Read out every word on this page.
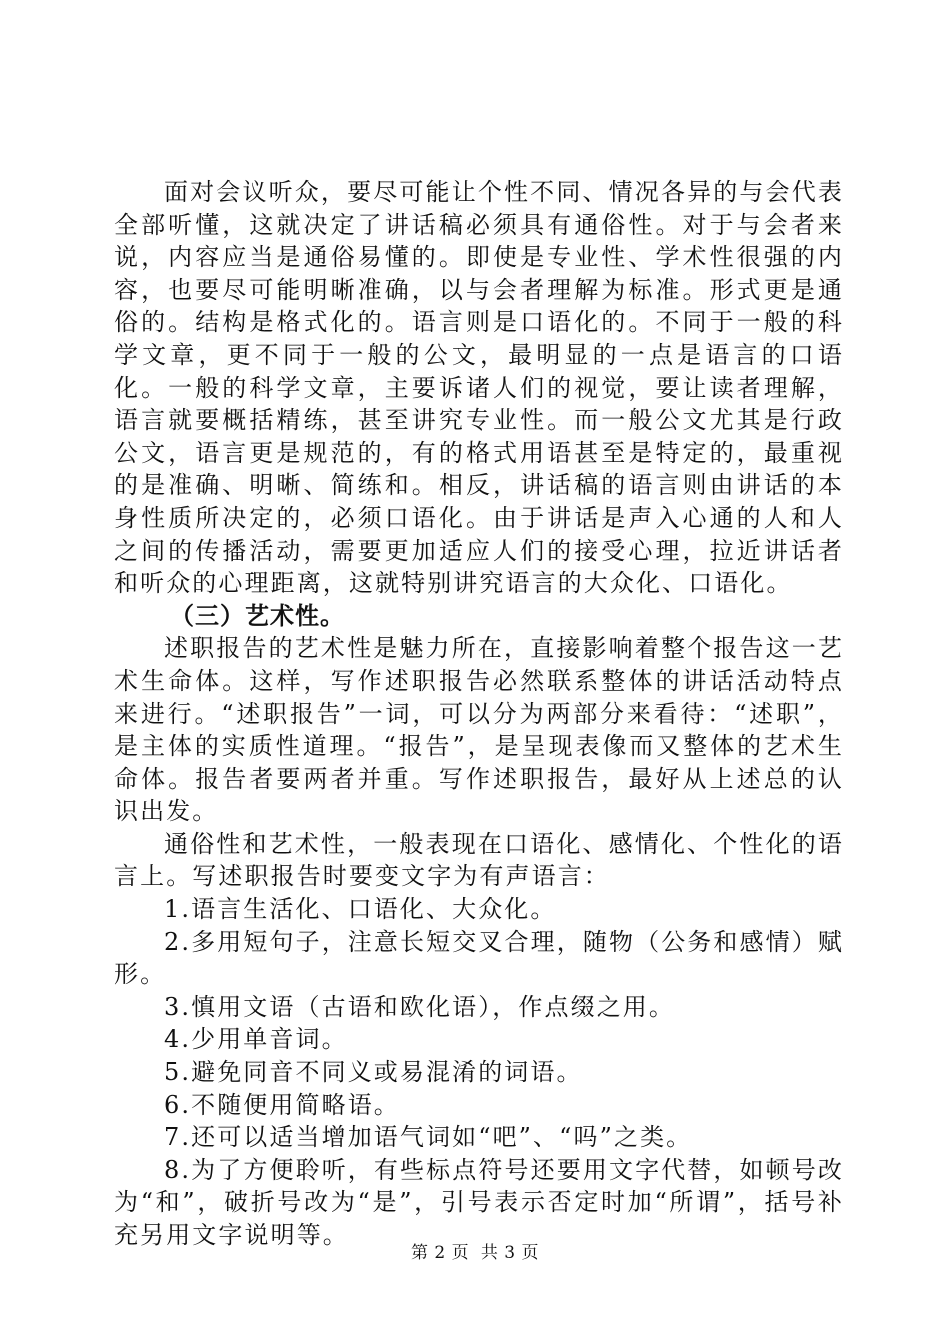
面对会议听众，要尽可能让个性不同、情况各异的与会代表全部听懂，这就决定了讲话稿必须具有通俗性。对于与会者来说，内容应当是通俗易懂的。即使是专业性、学术性很强的内容，也要尽可能明晰准确，以与会者理解为标准。形式更是通俗的。结构是格式化的。语言则是口语化的。不同于一般的科学文章，更不同于一般的公文，最明显的一点是语言的口语化。一般的科学文章，主要诉诸人们的视觉，要让读者理解，语言就要概括精练，甚至讲究专业性。而一般公文尤其是行政公文，语言更是规范的，有的格式用语甚至是特定的，最重视的是准确、明晰、简练和。相反，讲话稿的语言则由讲话的本身性质所决定的，必须口语化。由于讲话是声入心通的人和人之间的传播活动，需要更加适应人们的接受心理，拉近讲话者和听众的心理距离，这就特别讲究语言的大众化、口语化。

（三）艺术性。

述职报告的艺术性是魅力所在，直接影响着整个报告这一艺术生命体。这样，写作述职报告必然联系整体的讲话活动特点来进行。“述职报告”一词，可以分为两部分来看待：“述职”，是主体的实质性道理。“报告”，是呈现表像而又整体的艺术生命体。报告者要两者并重。写作述职报告，最好从上述总的认识出发。

通俗性和艺术性，一般表现在口语化、感情化、个性化的语言上。写述职报告时要变文字为有声语言：

1.语言生活化、口语化、大众化。

2.多用短句子，注意长短交叉合理，随物（公务和感情）赋形。

3.慎用文语（古语和欧化语），作点缀之用。

4.少用单音词。

5.避免同音不同义或易混淆的词语。

6.不随便用简略语。

7.还可以适当增加语气词如“吧”、“吗”之类。

8.为了方便聆听，有些标点符号还要用文字代替，如顿号改为“和”，破折号改为“是”，引号表示否定时加“所谓”，括号补充另用文字说明等。

第 2 页 共 3 页
